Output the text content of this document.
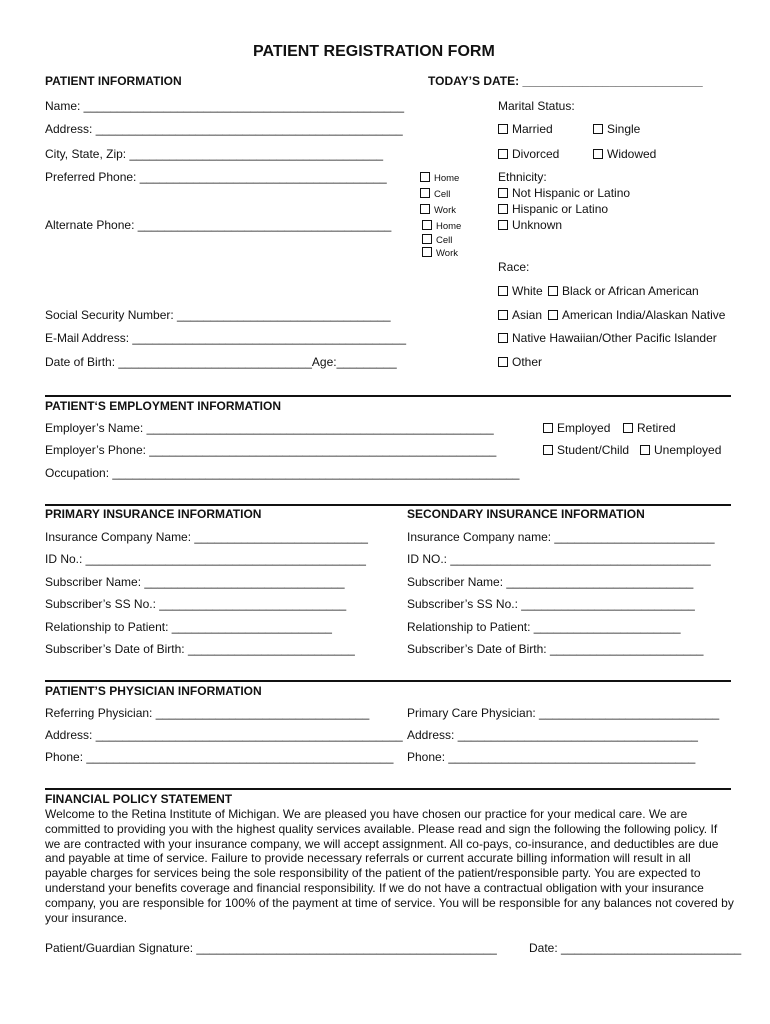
PATIENT REGISTRATION FORM
PATIENT INFORMATION	TODAY’S DATE: ___________________________
Name: ________________________________________________
Address: ______________________________________________
City, State, Zip: ______________________________________
Preferred Phone: _____________________________________
Alternate Phone: ______________________________________
Home
Cell
Work
Home
Cell
Work
Marital Status:
Married	Single
Divorced	Widowed
Ethnicity:
Not Hispanic or Latino
Hispanic or Latino
Unknown
Race:
White	Black or African American
Asian	American India/Alaskan Native
Native Hawaiian/Other Pacific Islander
Other
Social Security Number: ________________________________
E-Mail Address: _________________________________________
Date of Birth: _____________________________Age:_________
PATIENT‘S EMPLOYMENT INFORMATION
Employer’s Name: ____________________________________________________
Employer’s Phone: ____________________________________________________
Occupation: _____________________________________________________________
Employed	Retired
Student/Child	Unemployed
PRIMARY INSURANCE INFORMATION
Insurance Company Name: __________________________
ID No.: __________________________________________
Subscriber Name: ______________________________
Subscriber’s SS No.: ____________________________
Relationship to Patient: ________________________
Subscriber’s Date of Birth: _________________________
SECONDARY INSURANCE INFORMATION
Insurance Company name: ________________________
ID NO.: _______________________________________
Subscriber Name: ____________________________
Subscriber’s SS No.: __________________________
Relationship to Patient: ______________________
Subscriber’s Date of Birth: _______________________
PATIENT’S PHYSICIAN INFORMATION
Referring Physician: ________________________________
Address: ______________________________________________
Phone: ______________________________________________
Primary Care Physician: ___________________________
Address: ____________________________________
Phone: _____________________________________
FINANCIAL POLICY STATEMENT
Welcome to the Retina Institute of Michigan. We are pleased you have chosen our practice for your medical care. We are committed to providing you with the highest quality services available. Please read and sign the following the following policy. If we are contracted with your insurance company, we will accept assignment. All co-pays, co-insurance, and deductibles are due and payable at time of service. Failure to provide necessary referrals or current accurate billing information will result in all payable charges for services being the sole responsibility of the patient of the patient/responsible party. You are expected to understand your benefits coverage and financial responsibility. If we do not have a contractual obligation with your insurance company, you are responsible for 100% of the payment at time of service. You will be responsible for any balances not covered by your insurance.
Patient/Guardian Signature: _____________________________________________	Date: ___________________________
